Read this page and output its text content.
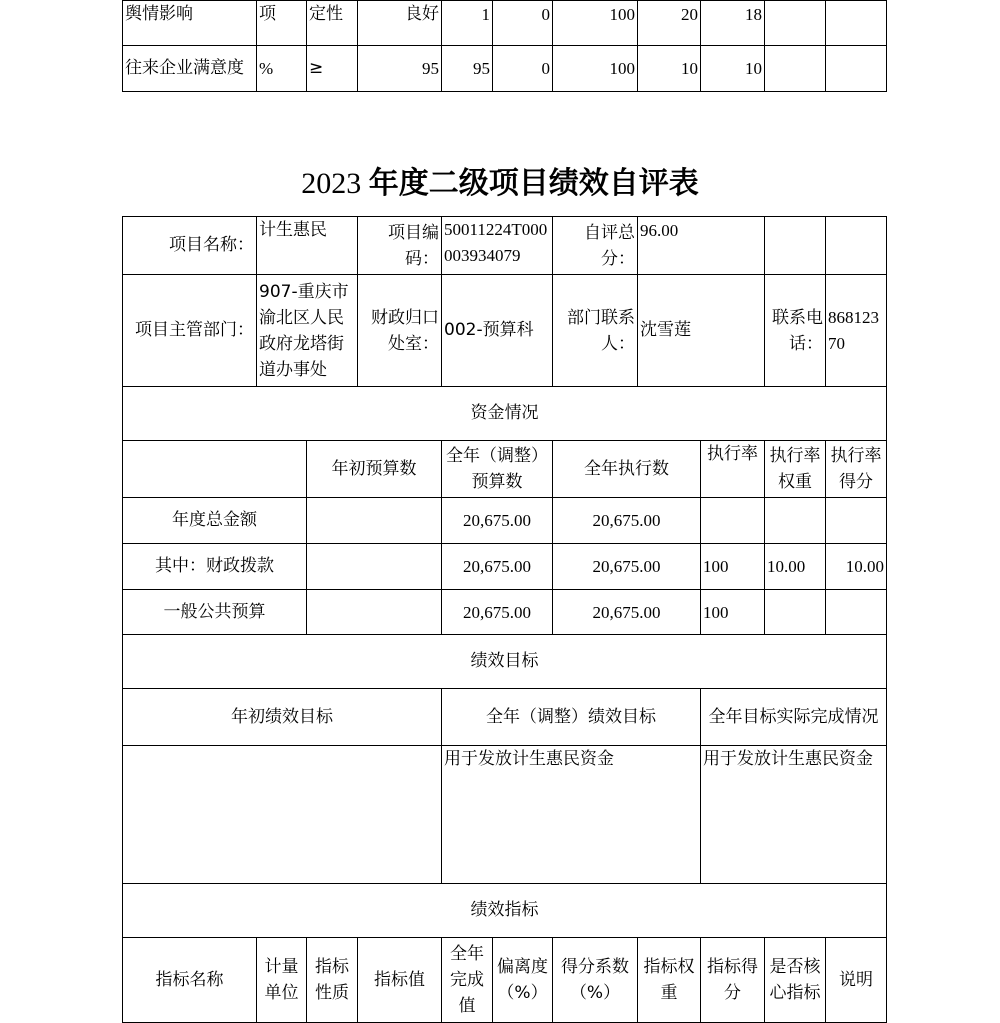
舆情影响	项	定性	良好	1	0	100	20	18		
往来企业满意度	%	≥	95	95	0	100	10	10		
2023 年度二级项目绩效自评表
项目名称：	计生惠民		项目编码：	50011224T000003934079		自评总分：	96.00			
项目主管部门：	907-重庆市渝北区人民政府龙塔街道办事处		财政归口处室：	002-预算科		部门联系人：	沈雪莲		联系电话：	86812370
资金情况										
		年初预算数		全年（调整）预算数		全年执行数		执行率	执行率权重	执行率得分
年度总金额				20,675.00		20,675.00				
其中：财政拨款				20,675.00		20,675.00		100	10.00	10.00
一般公共预算				20,675.00		20,675.00		100		
绩效目标										
年初绩效目标				全年（调整）绩效目标				全年目标实际完成情况		
				用于发放计生惠民资金				用于发放计生惠民资金		
绩效指标										
指标名称	计量单位	指标性质	指标值	全年完成值	偏离度（%）	得分系数（%）	指标权重	指标得分	是否核心指标	说明
